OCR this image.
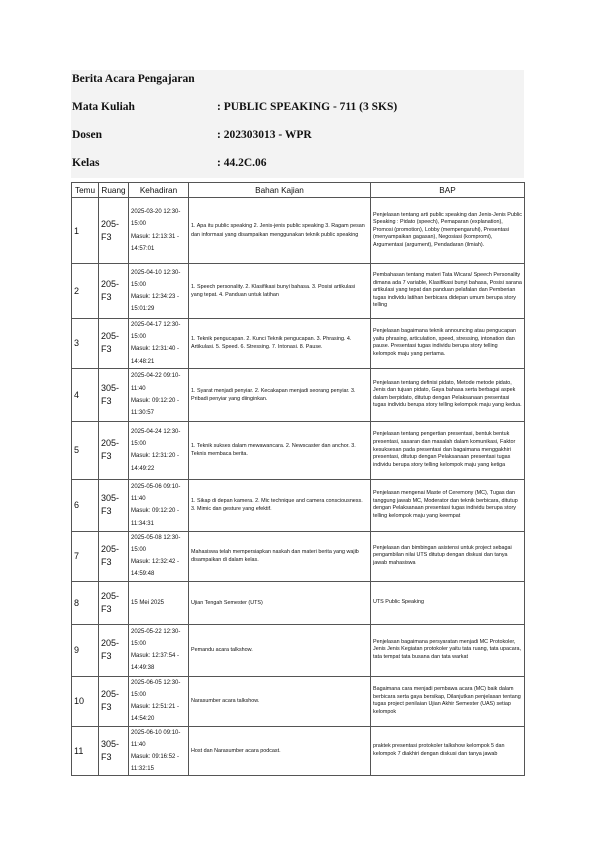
Berita Acara Pengajaran
Mata Kuliah	: PUBLIC SPEAKING - 711 (3 SKS)
Dosen	: 202303013 - WPR
Kelas	: 44.2C.06
Temu	Ruang	Kehadiran	Bahan Kajian	BAP
1	205-F3	2025-03-20 12:30-15:00
Masuk: 12:13:31 - 14:57:01	1. Apa itu public speaking 2. Jenis-jenis public speaking 3. Ragam pesan dan informasi yang disampaikan menggunakan teknik public speaking	Penjelasan tentang arti public speaking dan Jenis-Jenis Public Speaking : Pidato (speech), Pemaparan (explanation), Promosi (promotion), Lobby (mempengaruhi), Presentasi (menyampaikan gagasan), Negosiasi (kompromi), Argumentasi (argument), Pendadaran (ilmiah).
2	205-F3	2025-04-10 12:30-15:00
Masuk: 12:34:23 - 15:01:29	1. Speech personality. 2. Klasifikasi bunyi bahasa. 3. Posisi artikulasi yang tepat. 4. Panduan untuk latihan	Pembahasan tentang materi Tata Wicara/ Speech Personality dimana ada 7 variable, Klasifikasi bunyi bahasa, Posisi sarana artikulasi yang tepat dan panduan pelafalan dan Pemberian tugas individu latihan berbicara didepan umum berupa story telling
3	205-F3	2025-04-17 12:30-15:00
Masuk: 12:31:40 - 14:48:21	1. Teknik pengucapan. 2. Kunci Teknik pengucapan. 3. Phrasing. 4. Artikulasi. 5. Speed. 6. Stressing. 7. Intonasi. 8. Pause.	Penjelasan bagaimana teknik announcing atau pengucapan yaitu phrasing, articulation, speed, stressing, intonation dan pause. Presentasi tugas individu berupa story telling kelompok maju yang pertama.
4	305-F3	2025-04-22 09:10-11:40
Masuk: 09:12:20 - 11:30:57	1. Syarat menjadi penyiar. 2. Kecakapan menjadi seorang penyiar. 3. Pribadi penyiar yang diinginkan.	Penjelasan tentang definisi pidato, Metode metode pidato, Jenis dan tujuan pidato, Gaya bahasa serta berbagai aspek dalam berpidato, ditutup dengan Pelaksanaan presentasi tugas individu berupa story telling kelompok maju yang kedua.
5	205-F3	2025-04-24 12:30-15:00
Masuk: 12:31:20 - 14:49:22	1. Teknik sukses dalam mewawancara. 2. Newscaster dan anchor. 3. Teknis membaca berita.	Penjelasan tentang pengertian presentasi, bentuk bentuk presentasi, sasaran dan masalah dalam komunikasi, Faktor kesuksesan pada presentasi dan bagaimana menggakhiri presentasi, ditutup dengan Pelaksanaan presentasi tugas individu berupa story telling kelompok maju yang ketiga
6	305-F3	2025-05-06 09:10-11:40
Masuk: 09:12:20 - 11:34:31	1. Sikap di depan kamera. 2. Mic technique and camera consciousness. 3. Mimic dan gesture yang efektif.	Penjelasan mengenai Maste of Ceremony (MC), Tugas dan tanggung jawab MC, Moderator dan teknik berbicara, ditutup dengan Pelaksanaan presentasi tugas individu berupa story telling kelompok maju yang keempat
7	205-F3	2025-05-08 12:30-15:00
Masuk: 12:32:42 - 14:59:48	Mahasiswa telah mempersiapkan naskah dan materi berita yang wajib disampaikan di dalam kelas.	Penjelasan dan bimbingan asistensi untuk project sebagai pengambilan nilai UTS ditutup dengan diskusi dan tanya jawab mahasiswa
8	205-F3	15 Mei 2025	Ujian Tengah Semester (UTS)	UTS Public Speaking
9	205-F3	2025-05-22 12:30-15:00
Masuk: 12:37:54 - 14:49:38	Pemandu acara talkshow.	Penjelasan bagaimana persyaratan menjadi MC Protokoler, Jenis Jenis Kegiatan protokoler yaitu tata ruang, tata upacara, tata tempat tata busana dan tata warkat
10	205-F3	2025-06-05 12:30-15:00
Masuk: 12:51:21 - 14:54:20	Narasumber acara talkshow.	Bagaimana cara menjadi pembawa acara (MC) baik dalam berbicara serta gaya bersikap, Dilanjutkan penjelasan tentang tugas project penilaian Ujian Akhir Semester (UAS) setiap kelompok
11	305-F3	2025-06-10 09:10-11:40
Masuk: 09:16:52 - 11:32:15	Host dan Narasumber acara podcast.	praktek presentasi protokoler talkshow kelompok 5 dan kelompok 7 diakhiri dengan diskusi dan tanya jawab
